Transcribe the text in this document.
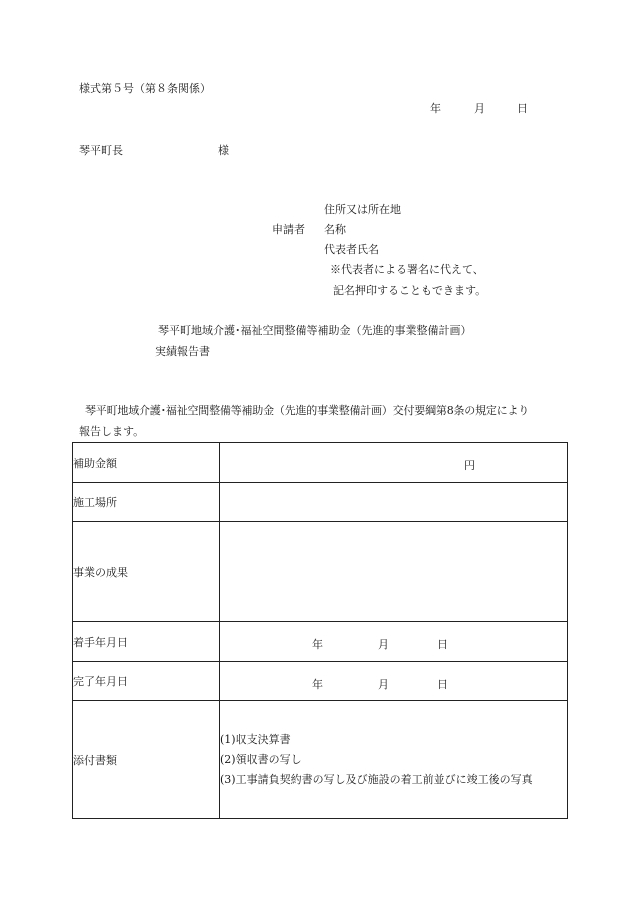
様式第５号（第８条関係）
年	月	日
琴平町長	様
住所又は所在地
申請者 名称
代表者氏名
※代表者による署名に代えて、
記名押印することもできます。
琴平町地域介護･福祉空間整備等補助金（先進的事業整備計画）
実績報告書
琴平町地域介護･福祉空間整備等補助金（先進的事業整備計画）交付要綱第8条の規定により
報告します。
補助金額	円

施工場所	
事業の成果	
着手年月日	年 月 日

完了年月日	年 月 日

添付書類	(1)収支決算書
(2)領収書の写し
(3)工事請負契約書の写し及び施設の着工前並びに竣工後の写真
